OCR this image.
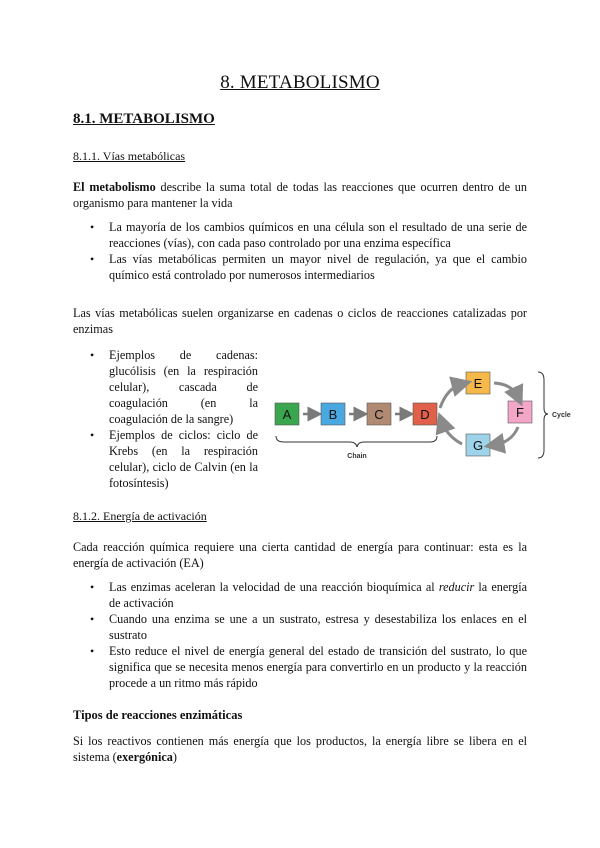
8. METABOLISMO
8.1. METABOLISMO
8.1.1. Vías metabólicas
El metabolismo describe la suma total de todas las reacciones que ocurren dentro de un organismo para mantener la vida
• La mayoría de los cambios químicos en una célula son el resultado de una serie de reacciones (vías), con cada paso controlado por una enzima específica
• Las vías metabólicas permiten un mayor nivel de regulación, ya que el cambio químico está controlado por numerosos intermediarios
Las vías metabólicas suelen organizarse en cadenas o ciclos de reacciones catalizadas por enzimas
• Ejemplos de cadenas: glucólisis (en la respiración celular), cascada de coagulación (en la coagulación de la sangre)
• Ejemplos de ciclos: ciclo de Krebs (en la respiración celular), ciclo de Calvin (en la fotosíntesis)
A	B	C	D
E
F
G
Chain
Cycle
8.1.2. Energía de activación
Cada reacción química requiere una cierta cantidad de energía para continuar: esta es la energía de activación (EA)
• Las enzimas aceleran la velocidad de una reacción bioquímica al reducir la energía de activación
• Cuando una enzima se une a un sustrato, estresa y desestabiliza los enlaces en el sustrato
• Esto reduce el nivel de energía general del estado de transición del sustrato, lo que significa que se necesita menos energía para convertirlo en un producto y la reacción procede a un ritmo más rápido
Tipos de reacciones enzimáticas
Si los reactivos contienen más energía que los productos, la energía libre se libera en el sistema (exergónica)
